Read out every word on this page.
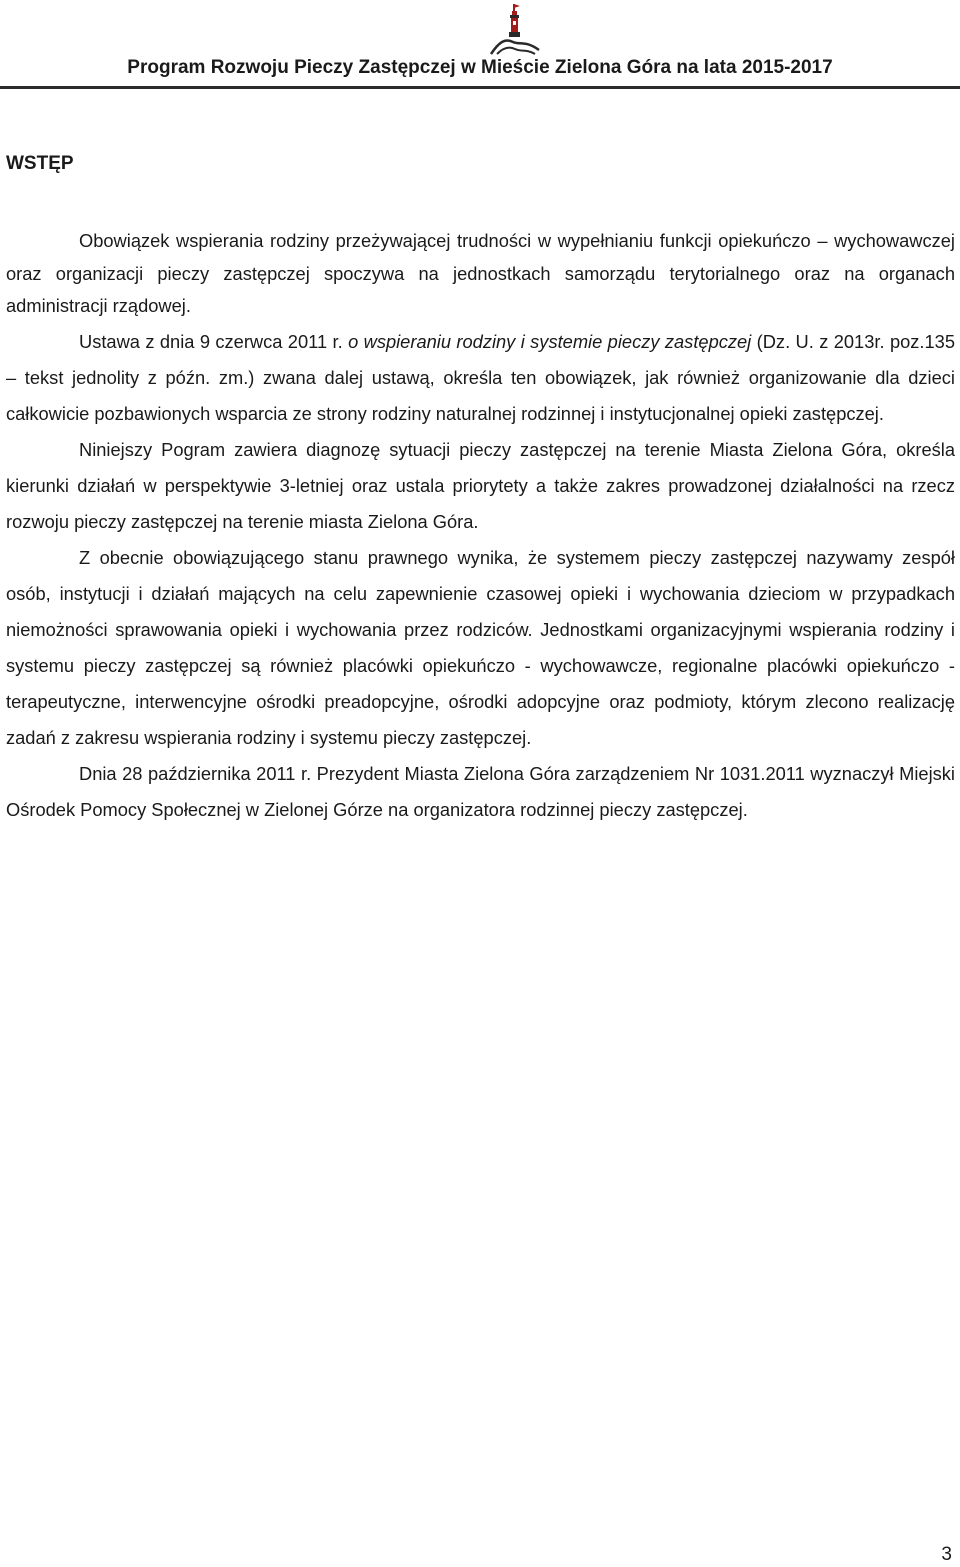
Program Rozwoju Pieczy Zastępczej w Mieście Zielona Góra na lata 2015-2017
WSTĘP

Obowiązek wspierania rodziny przeżywającej trudności w wypełnianiu funkcji opiekuńczo – wychowawczej oraz organizacji pieczy zastępczej spoczywa na jednostkach samorządu terytorialnego oraz na organach administracji rządowej.

Ustawa z dnia 9 czerwca 2011 r. o wspieraniu rodziny i systemie pieczy zastępczej (Dz. U. z 2013r. poz.135 – tekst jednolity z późn. zm.) zwana dalej ustawą, określa ten obowiązek, jak również organizowanie dla dzieci całkowicie pozbawionych wsparcia ze strony rodziny naturalnej rodzinnej i instytucjonalnej opieki zastępczej.

Niniejszy Pogram zawiera diagnozę sytuacji pieczy zastępczej na terenie Miasta Zielona Góra, określa kierunki działań w perspektywie 3-letniej oraz ustala priorytety a także zakres prowadzonej działalności na rzecz rozwoju pieczy zastępczej na terenie miasta Zielona Góra.

Z obecnie obowiązującego stanu prawnego wynika, że systemem pieczy zastępczej nazywamy zespół osób, instytucji i działań mających na celu zapewnienie czasowej opieki i wychowania dzieciom w przypadkach niemożności sprawowania opieki i wychowania przez rodziców. Jednostkami organizacyjnymi wspierania rodziny i systemu pieczy zastępczej są również placówki opiekuńczo - wychowawcze, regionalne placówki opiekuńczo - terapeutyczne, interwencyjne ośrodki preadopcyjne, ośrodki adopcyjne oraz podmioty, którym zlecono realizację zadań z zakresu wspierania rodziny i systemu pieczy zastępczej.

Dnia 28 października 2011 r. Prezydent Miasta Zielona Góra zarządzeniem Nr 1031.2011 wyznaczył Miejski Ośrodek Pomocy Społecznej w Zielonej Górze na organizatora rodzinnej pieczy zastępczej.

3
